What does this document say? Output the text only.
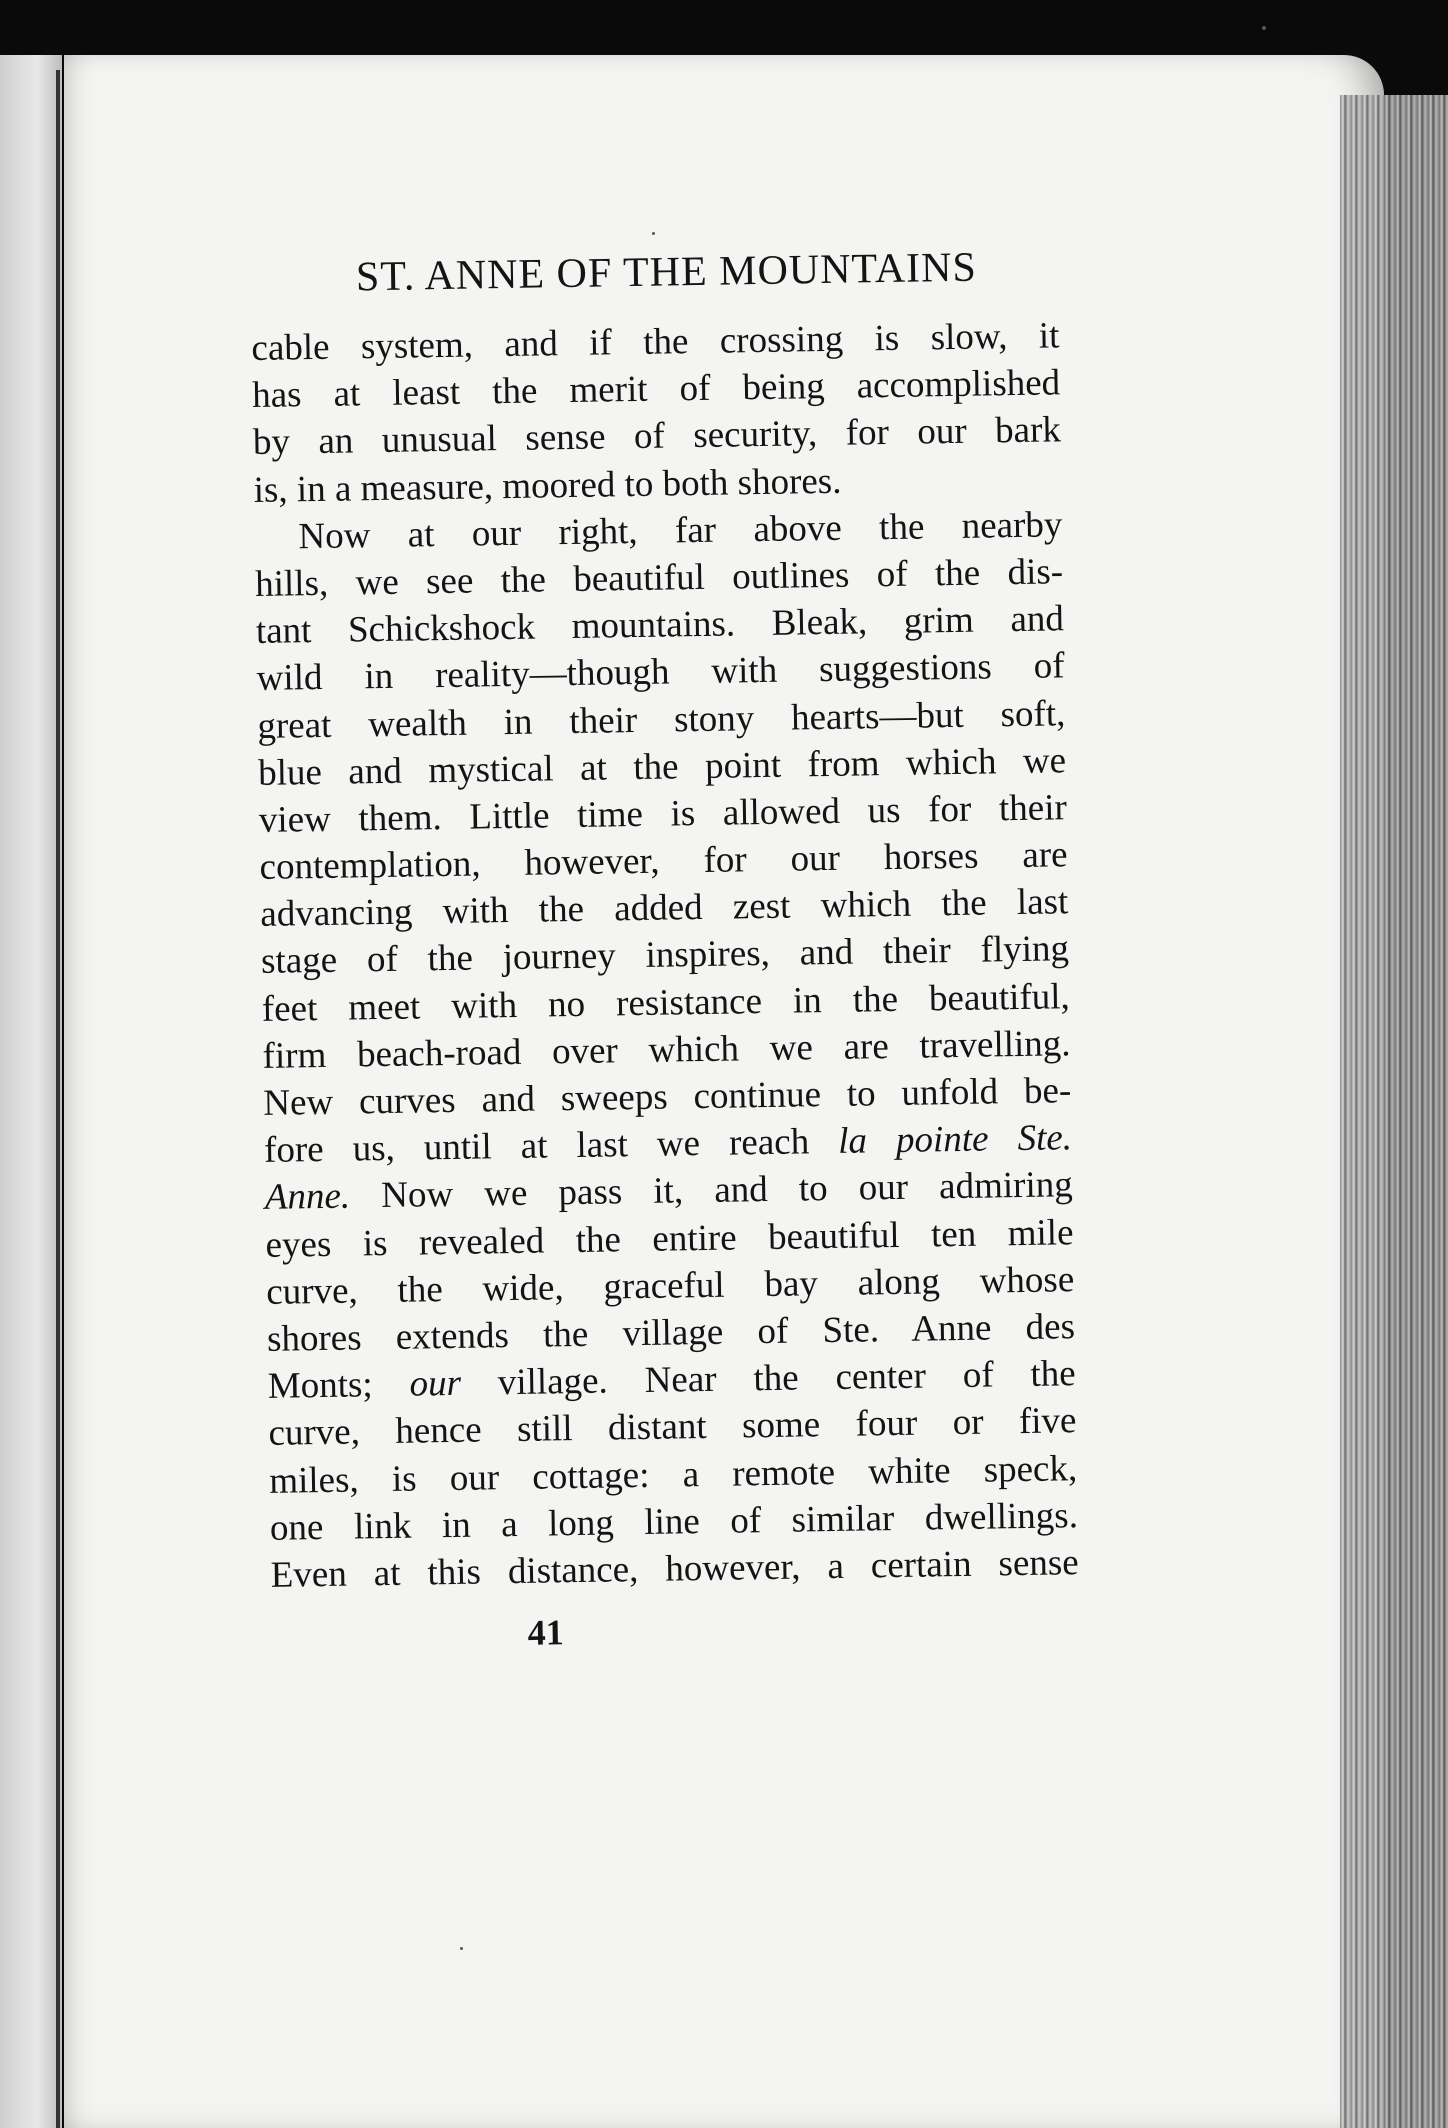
ST. ANNE OF THE MOUNTAINS
cable system, and if the crossing is slow, it
has at least the merit of being accomplished
by an unusual sense of security, for our bark
is, in a measure, moored to both shores.
Now at our right, far above the nearby
hills, we see the beautiful outlines of the dis-
tant Schickshock mountains. Bleak, grim and
wild in reality—though with suggestions of
great wealth in their stony hearts—but soft,
blue and mystical at the point from which we
view them. Little time is allowed us for their
contemplation, however, for our horses are
advancing with the added zest which the last
stage of the journey inspires, and their flying
feet meet with no resistance in the beautiful,
firm beach-road over which we are travelling.
New curves and sweeps continue to unfold be-
fore us, until at last we reach la pointe Ste.
Anne. Now we pass it, and to our admiring
eyes is revealed the entire beautiful ten mile
curve, the wide, graceful bay along whose
shores extends the village of Ste. Anne des
Monts; our village. Near the center of the
curve, hence still distant some four or five
miles, is our cottage: a remote white speck,
one link in a long line of similar dwellings.
Even at this distance, however, a certain sense
41
